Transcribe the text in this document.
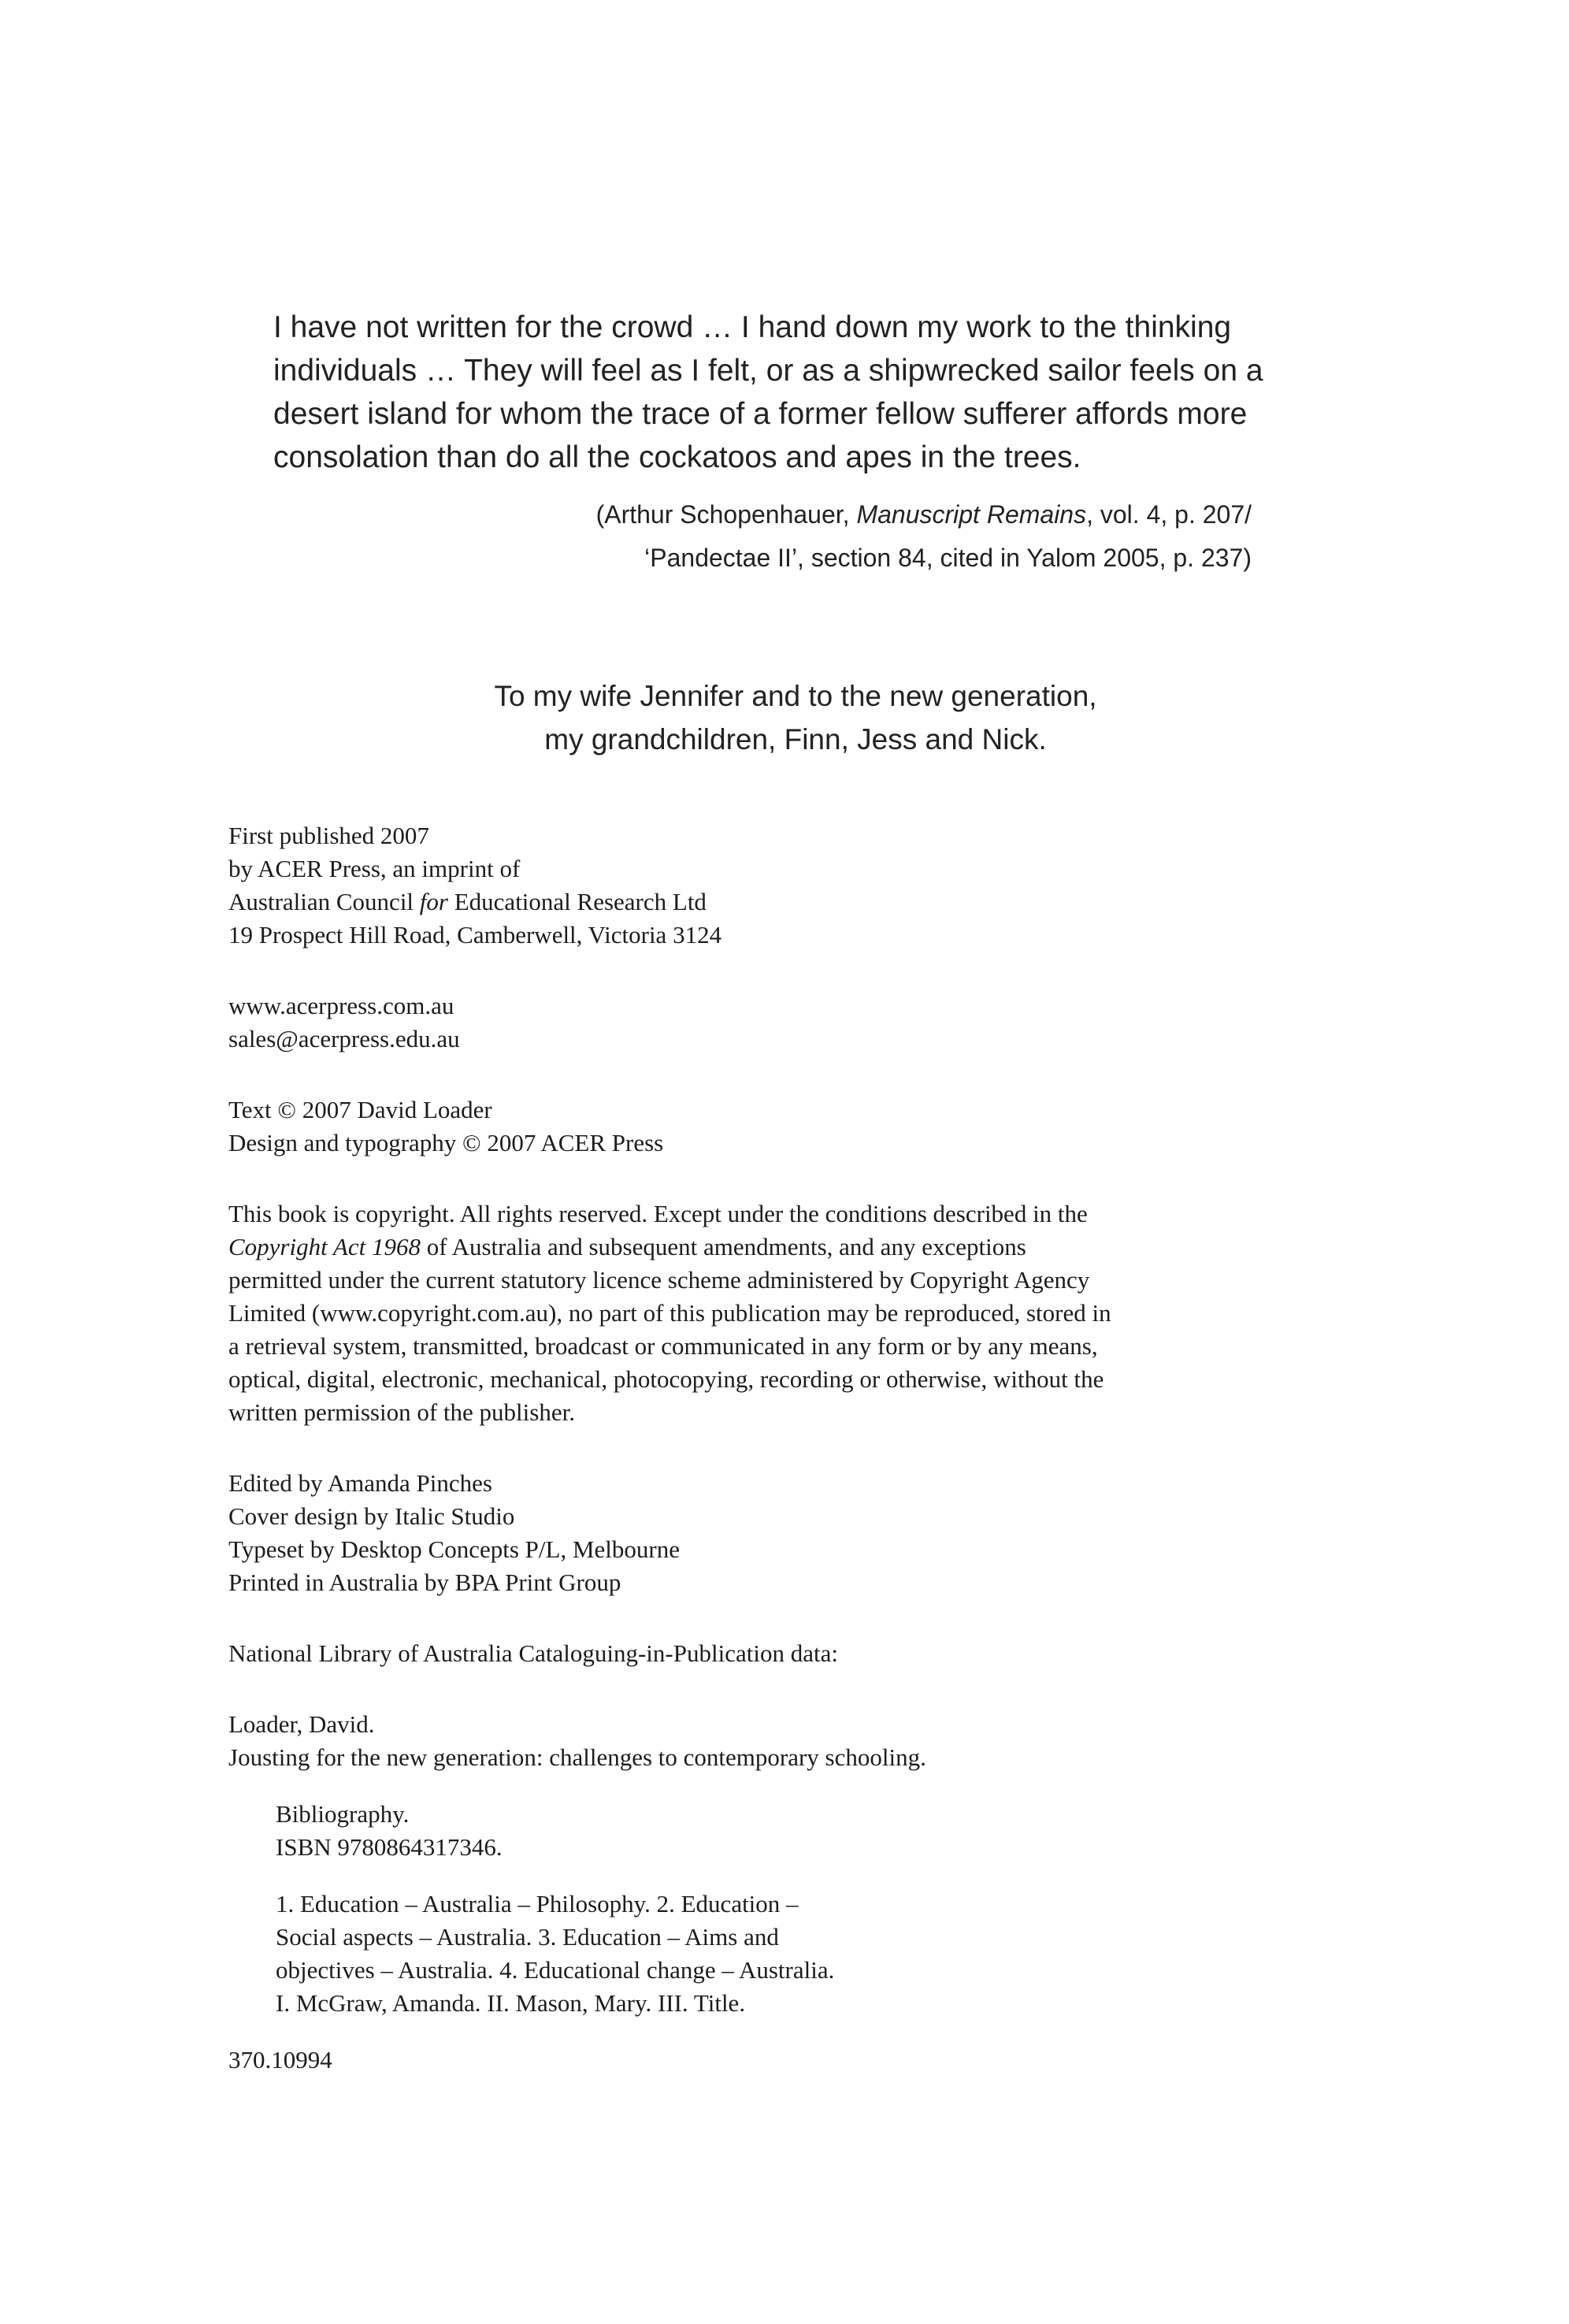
I have not written for the crowd … I hand down my work to the thinking
individuals … They will feel as I felt, or as a shipwrecked sailor feels on a
desert island for whom the trace of a former fellow sufferer affords more
consolation than do all the cockatoos and apes in the trees.
(Arthur Schopenhauer, Manuscript Remains, vol. 4, p. 207/
‘Pandectae II’, section 84, cited in Yalom 2005, p. 237)
To my wife Jennifer and to the new generation,
my grandchildren, Finn, Jess and Nick.
First published 2007
by ACER Press, an imprint of
Australian Council for Educational Research Ltd
19 Prospect Hill Road, Camberwell, Victoria 3124
www.acerpress.com.au
sales@acerpress.edu.au
Text © 2007 David Loader
Design and typography © 2007 ACER Press
This book is copyright. All rights reserved. Except under the conditions described in the
Copyright Act 1968 of Australia and subsequent amendments, and any exceptions
permitted under the current statutory licence scheme administered by Copyright Agency
Limited (www.copyright.com.au), no part of this publication may be reproduced, stored in
a retrieval system, transmitted, broadcast or communicated in any form or by any means,
optical, digital, electronic, mechanical, photocopying, recording or otherwise, without the
written permission of the publisher.
Edited by Amanda Pinches
Cover design by Italic Studio
Typeset by Desktop Concepts P/L, Melbourne
Printed in Australia by BPA Print Group
National Library of Australia Cataloguing-in-Publication data:
Loader, David.
Jousting for the new generation: challenges to contemporary schooling.
Bibliography.
ISBN 9780864317346.
1. Education – Australia – Philosophy. 2. Education –
Social aspects – Australia. 3. Education – Aims and
objectives – Australia. 4. Educational change – Australia.
I. McGraw, Amanda. II. Mason, Mary. III. Title.
370.10994
